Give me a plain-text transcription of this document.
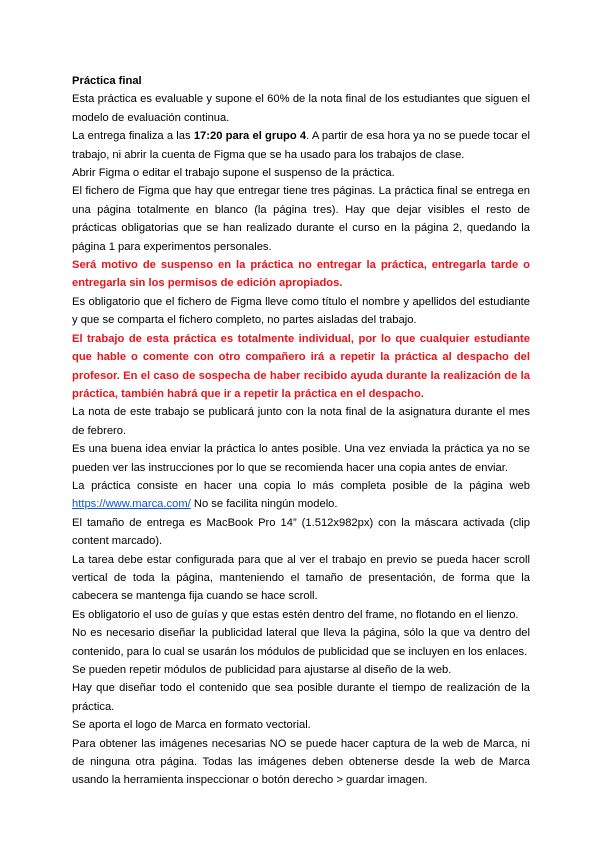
Práctica final

Esta práctica es evaluable y supone el 60% de la nota final de los estudiantes que siguen el modelo de evaluación continua.

La entrega finaliza a las 17:20 para el grupo 4. A partir de esa hora ya no se puede tocar el trabajo, ni abrir la cuenta de Figma que se ha usado para los trabajos de clase.

Abrir Figma o editar el trabajo supone el suspenso de la práctica.

El fichero de Figma que hay que entregar tiene tres páginas. La práctica final se entrega en una página totalmente en blanco (la página tres). Hay que dejar visibles el resto de prácticas obligatorias que se han realizado durante el curso en la página 2, quedando la página 1 para experimentos personales.

Será motivo de suspenso en la práctica no entregar la práctica, entregarla tarde o entregarla sin los permisos de edición apropiados.

Es obligatorio que el fichero de Figma lleve como título el nombre y apellidos del estudiante y que se comparta el fichero completo, no partes aisladas del trabajo.

El trabajo de esta práctica es totalmente individual, por lo que cualquier estudiante que hable o comente con otro compañero irá a repetir la práctica al despacho del profesor. En el caso de sospecha de haber recibido ayuda durante la realización de la práctica, también habrá que ir a repetir la práctica en el despacho.

La nota de este trabajo se publicará junto con la nota final de la asignatura durante el mes de febrero.

Es una buena idea enviar la práctica lo antes posible. Una vez enviada la práctica ya no se pueden ver las instrucciones por lo que se recomienda hacer una copia antes de enviar.

La práctica consiste en hacer una copia lo más completa posible de la página web https://www.marca.com/ No se facilita ningún modelo.

El tamaño de entrega es MacBook Pro 14” (1.512x982px) con la máscara activada (clip content marcado).

La tarea debe estar configurada para que al ver el trabajo en previo se pueda hacer scroll vertical de toda la página, manteniendo el tamaño de presentación, de forma que la cabecera se mantenga fija cuando se hace scroll.

Es obligatorio el uso de guías y que estas estén dentro del frame, no flotando en el lienzo.

No es necesario diseñar la publicidad lateral que lleva la página, sólo la que va dentro del contenido, para lo cual se usarán los módulos de publicidad que se incluyen en los enlaces.

Se pueden repetir módulos de publicidad para ajustarse al diseño de la web.

Hay que diseñar todo el contenido que sea posible durante el tiempo de realización de la práctica.

Se aporta el logo de Marca en formato vectorial.

Para obtener las imágenes necesarias NO se puede hacer captura de la web de Marca, ni de ninguna otra página. Todas las imágenes deben obtenerse desde la web de Marca usando la herramienta inspeccionar o botón derecho > guardar imagen.
